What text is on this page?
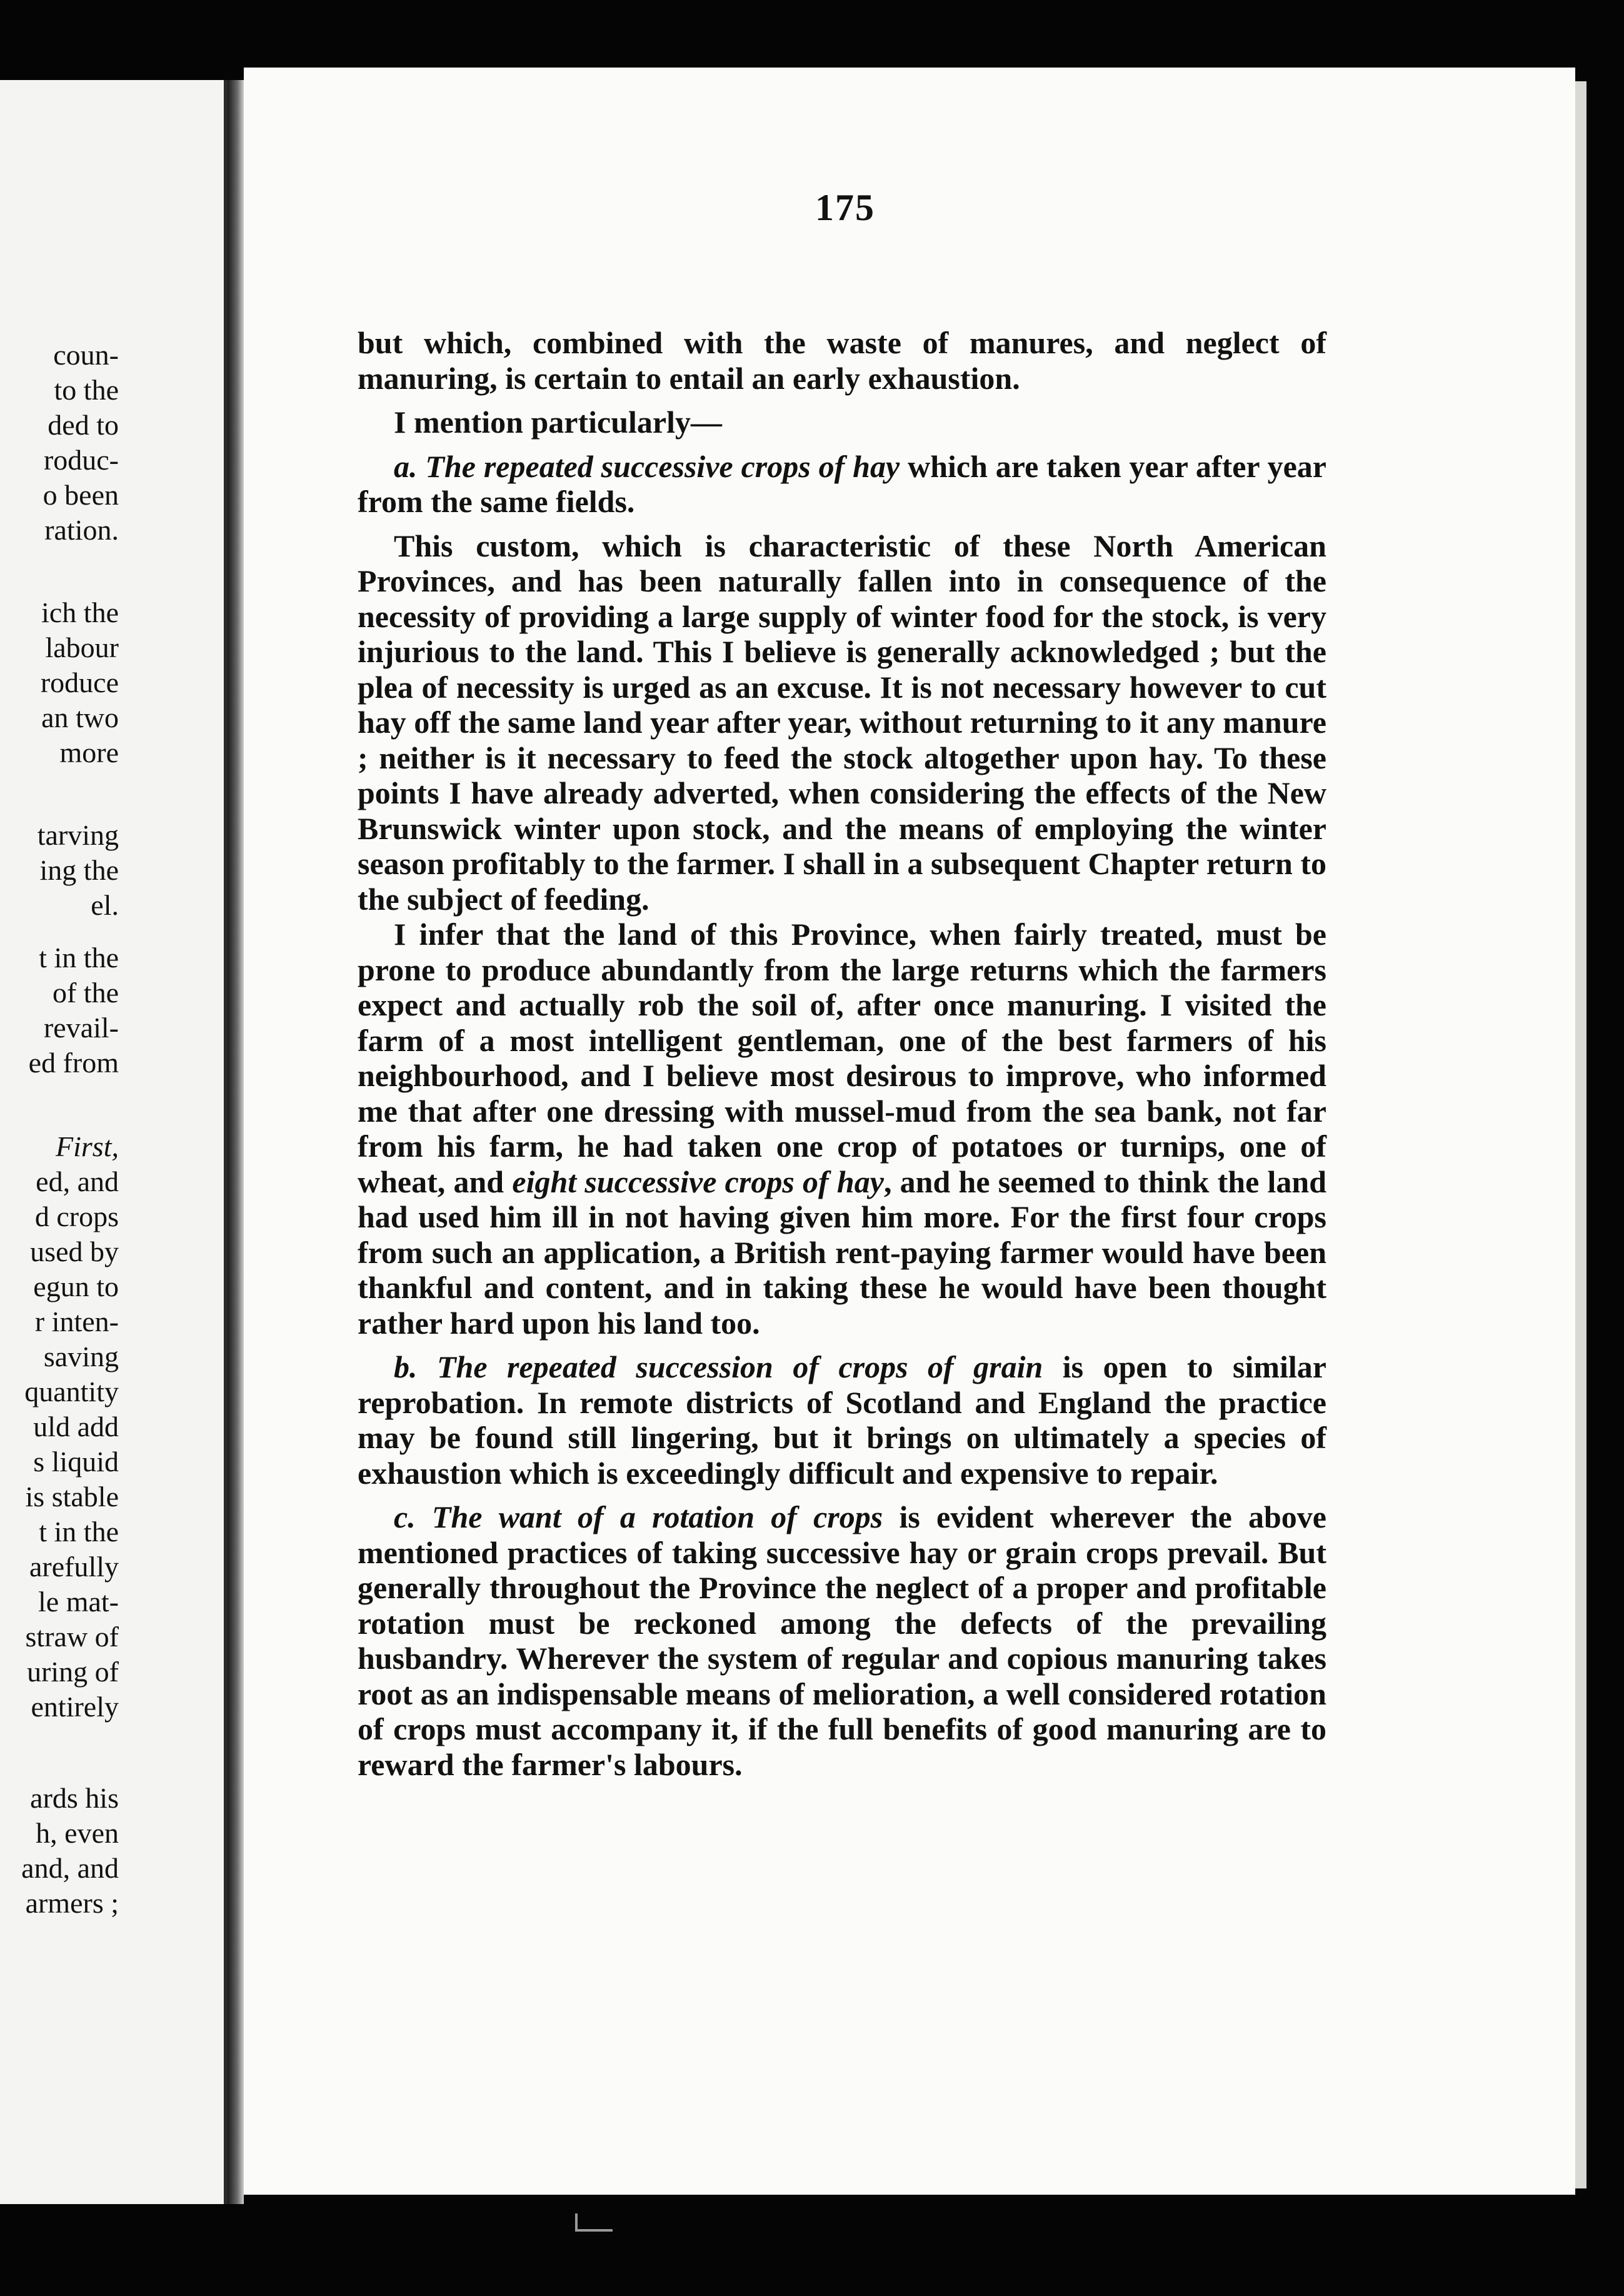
coun-
to the
ded to
roduc-
o been
ration.
ich the
labour
roduce
an two
more
tarving
ing the
el.
t in the
of the
revail-
ed from
First,
ed, and
d crops
used by
egun to
r inten-
saving
quantity
uld add
s liquid
is stable
t in the
arefully
le mat-
straw of
uring of
entirely
ards his
h, even
and, and
armers ;
175

but which, combined with the waste of manures, and neglect of manuring, is certain to entail an early exhaustion.

I mention particularly—

a. The repeated successive crops of hay which are taken year after year from the same fields.

This custom, which is characteristic of these North American Provinces, and has been naturally fallen into in consequence of the necessity of providing a large supply of winter food for the stock, is very injurious to the land. This I believe is generally acknowledged ; but the plea of necessity is urged as an excuse. It is not necessary however to cut hay off the same land year after year, without returning to it any manure ; neither is it necessary to feed the stock altogether upon hay. To these points I have already adverted, when considering the effects of the New Brunswick winter upon stock, and the means of employing the winter season profitably to the farmer. I shall in a subsequent Chapter return to the subject of feeding.

I infer that the land of this Province, when fairly treated, must be prone to produce abundantly from the large returns which the farmers expect and actually rob the soil of, after once manuring. I visited the farm of a most intelligent gentleman, one of the best farmers of his neighbourhood, and I believe most desirous to improve, who informed me that after one dressing with mussel-mud from the sea bank, not far from his farm, he had taken one crop of potatoes or turnips, one of wheat, and eight successive crops of hay, and he seemed to think the land had used him ill in not having given him more. For the first four crops from such an application, a British rent-paying farmer would have been thankful and content, and in taking these he would have been thought rather hard upon his land too.

b. The repeated succession of crops of grain is open to similar reprobation. In remote districts of Scotland and England the practice may be found still lingering, but it brings on ultimately a species of exhaustion which is exceedingly difficult and expensive to repair.

c. The want of a rotation of crops is evident wherever the above mentioned practices of taking successive hay or grain crops prevail. But generally throughout the Province the neglect of a proper and profitable rotation must be reckoned among the defects of the prevailing husbandry. Wherever the system of regular and copious manuring takes root as an indispensable means of melioration, a well considered rotation of crops must accompany it, if the full benefits of good manuring are to reward the farmer's labours.
